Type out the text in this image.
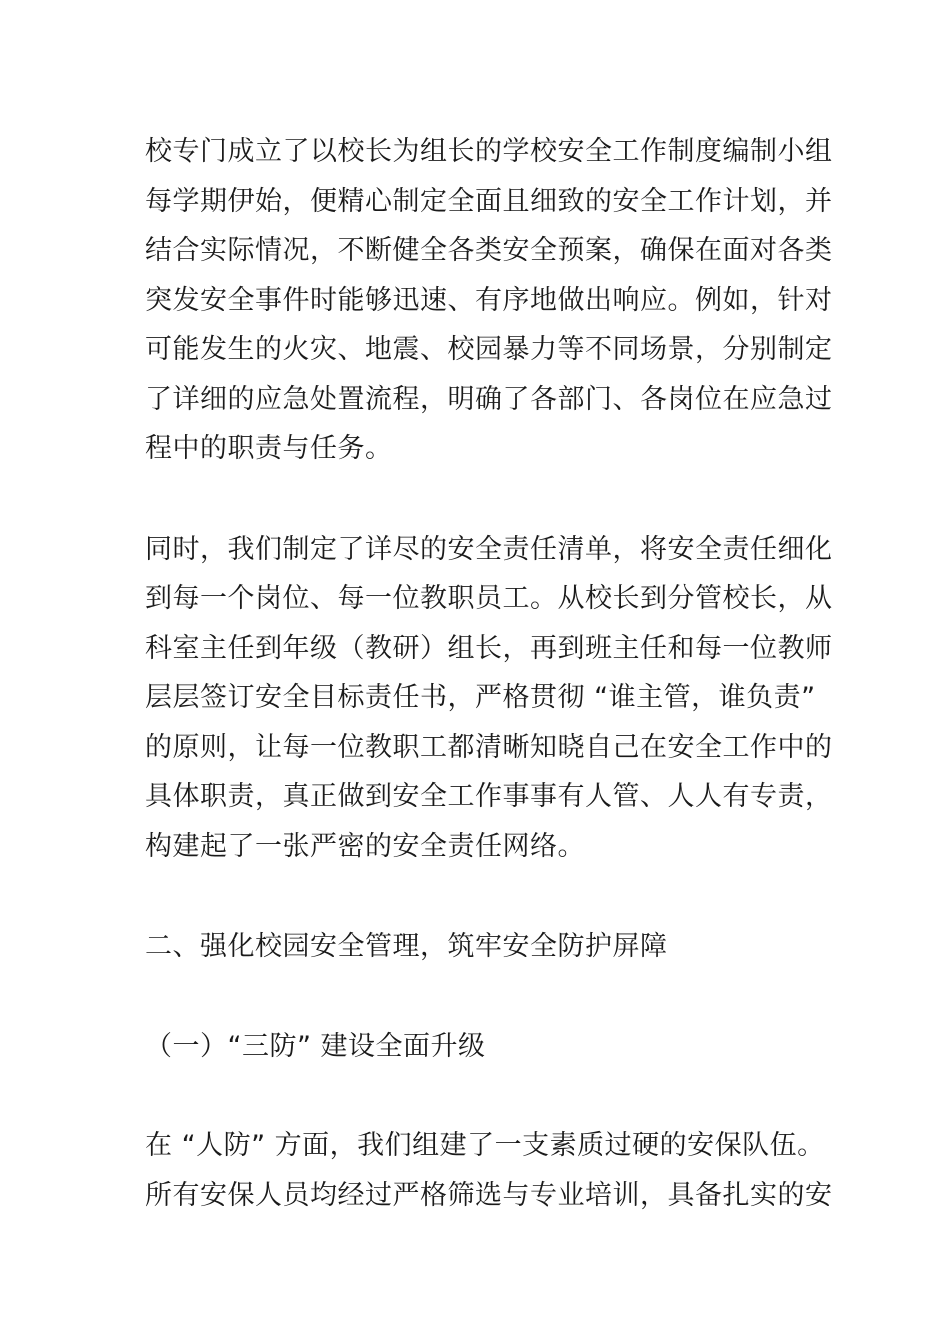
校专门成立了以校长为组长的学校安全工作制度编制小组
每学期伊始，便精心制定全面且细致的安全工作计划，并
结合实际情况，不断健全各类安全预案，确保在面对各类
突发安全事件时能够迅速、有序地做出响应。例如，针对
可能发生的火灾、地震、校园暴力等不同场景，分别制定
了详细的应急处置流程，明确了各部门、各岗位在应急过
程中的职责与任务。
同时，我们制定了详尽的安全责任清单，将安全责任细化
到每一个岗位、每一位教职员工。从校长到分管校长，从
科室主任到年级（教研）组长，再到班主任和每一位教师
层层签订安全目标责任书，严格贯彻 “谁主管，谁负责”
的原则，让每一位教职工都清晰知晓自己在安全工作中的
具体职责，真正做到安全工作事事有人管、人人有专责，
构建起了一张严密的安全责任网络。
二、强化校园安全管理，筑牢安全防护屏障
（一）“三防” 建设全面升级
在 “人防” 方面，我们组建了一支素质过硬的安保队伍。
所有安保人员均经过严格筛选与专业培训，具备扎实的安
